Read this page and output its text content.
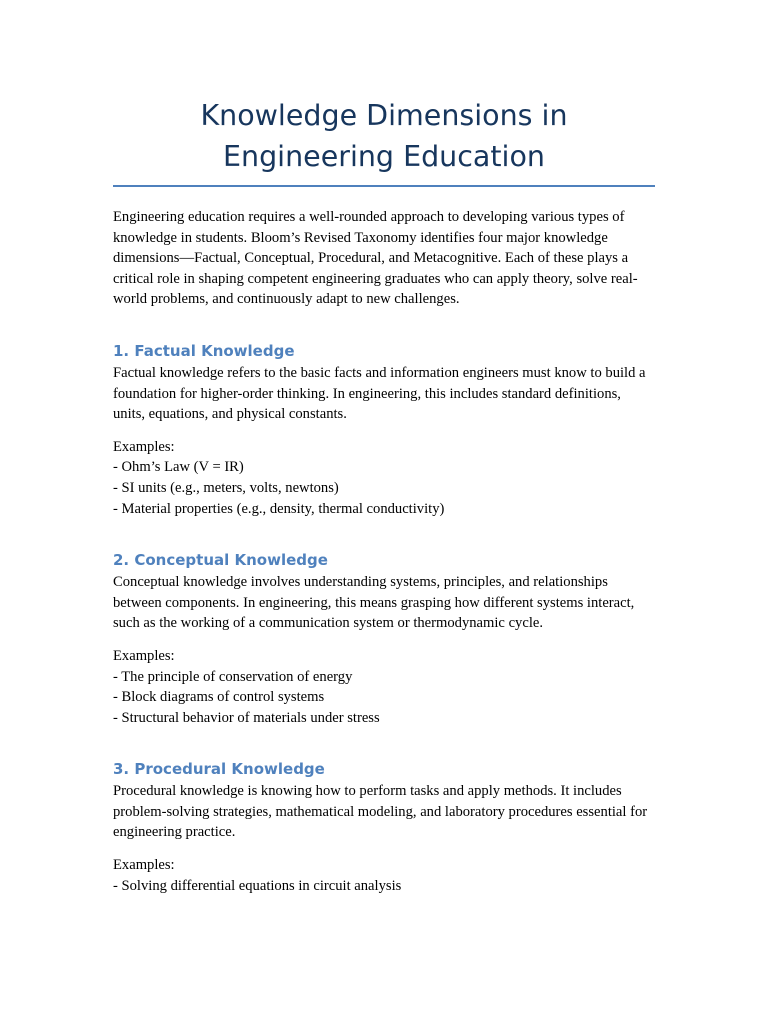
Knowledge Dimensions in Engineering Education

Engineering education requires a well-rounded approach to developing various types of knowledge in students. Bloom’s Revised Taxonomy identifies four major knowledge dimensions—Factual, Conceptual, Procedural, and Metacognitive. Each of these plays a critical role in shaping competent engineering graduates who can apply theory, solve real-world problems, and continuously adapt to new challenges.

1. Factual Knowledge

Factual knowledge refers to the basic facts and information engineers must know to build a foundation for higher-order thinking. In engineering, this includes standard definitions, units, equations, and physical constants.

Examples:

- Ohm’s Law (V = IR)
- SI units (e.g., meters, volts, newtons)
- Material properties (e.g., density, thermal conductivity)
2. Conceptual Knowledge

Conceptual knowledge involves understanding systems, principles, and relationships between components. In engineering, this means grasping how different systems interact, such as the working of a communication system or thermodynamic cycle.

Examples:

- The principle of conservation of energy
- Block diagrams of control systems
- Structural behavior of materials under stress
3. Procedural Knowledge

Procedural knowledge is knowing how to perform tasks and apply methods. It includes problem-solving strategies, mathematical modeling, and laboratory procedures essential for engineering practice.

Examples:

- Solving differential equations in circuit analysis
